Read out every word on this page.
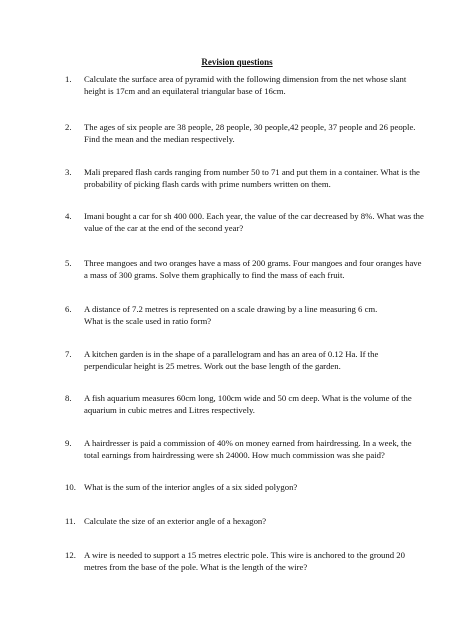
Revision questions
1.	Calculate the surface area of pyramid with the following dimension from the net whose slant
height is 17cm and an equilateral triangular base of 16cm.
2.	The ages of six people are 38 people, 28 people, 30 people,42 people, 37 people and 26 people.
Find the mean and the median respectively.
3.	Mali prepared flash cards ranging from number 50 to 71 and put them in a container. What is the
probability of picking flash cards with prime numbers written on them.
4.	Imani bought a car for sh 400 000. Each year, the value of the car decreased by 8%. What was the
value of the car at the end of the second year?
5.	Three mangoes and two oranges have a mass of 200 grams. Four mangoes and four oranges have
a mass of 300 grams. Solve them graphically to find the mass of each fruit.
6.	A distance of 7.2 metres is represented on a scale drawing by a line measuring 6 cm.
What is the scale used in ratio form?
7.	A kitchen garden is in the shape of a parallelogram and has an area of 0.12 Ha. If the
perpendicular height is 25 metres. Work out the base length of the garden.
8.	A fish aquarium measures 60cm long, 100cm wide and 50 cm deep. What is the volume of the
aquarium in cubic metres and Litres respectively.
9.	A hairdresser is paid a commission of 40% on money earned from hairdressing. In a week, the
total earnings from hairdressing were sh 24000. How much commission was she paid?
10. What is the sum of the interior angles of a six sided polygon?
11. Calculate the size of an exterior angle of a hexagon?
12. A wire is needed to support a 15 metres electric pole. This wire is anchored to the ground 20
metres from the base of the pole. What is the length of the wire?
